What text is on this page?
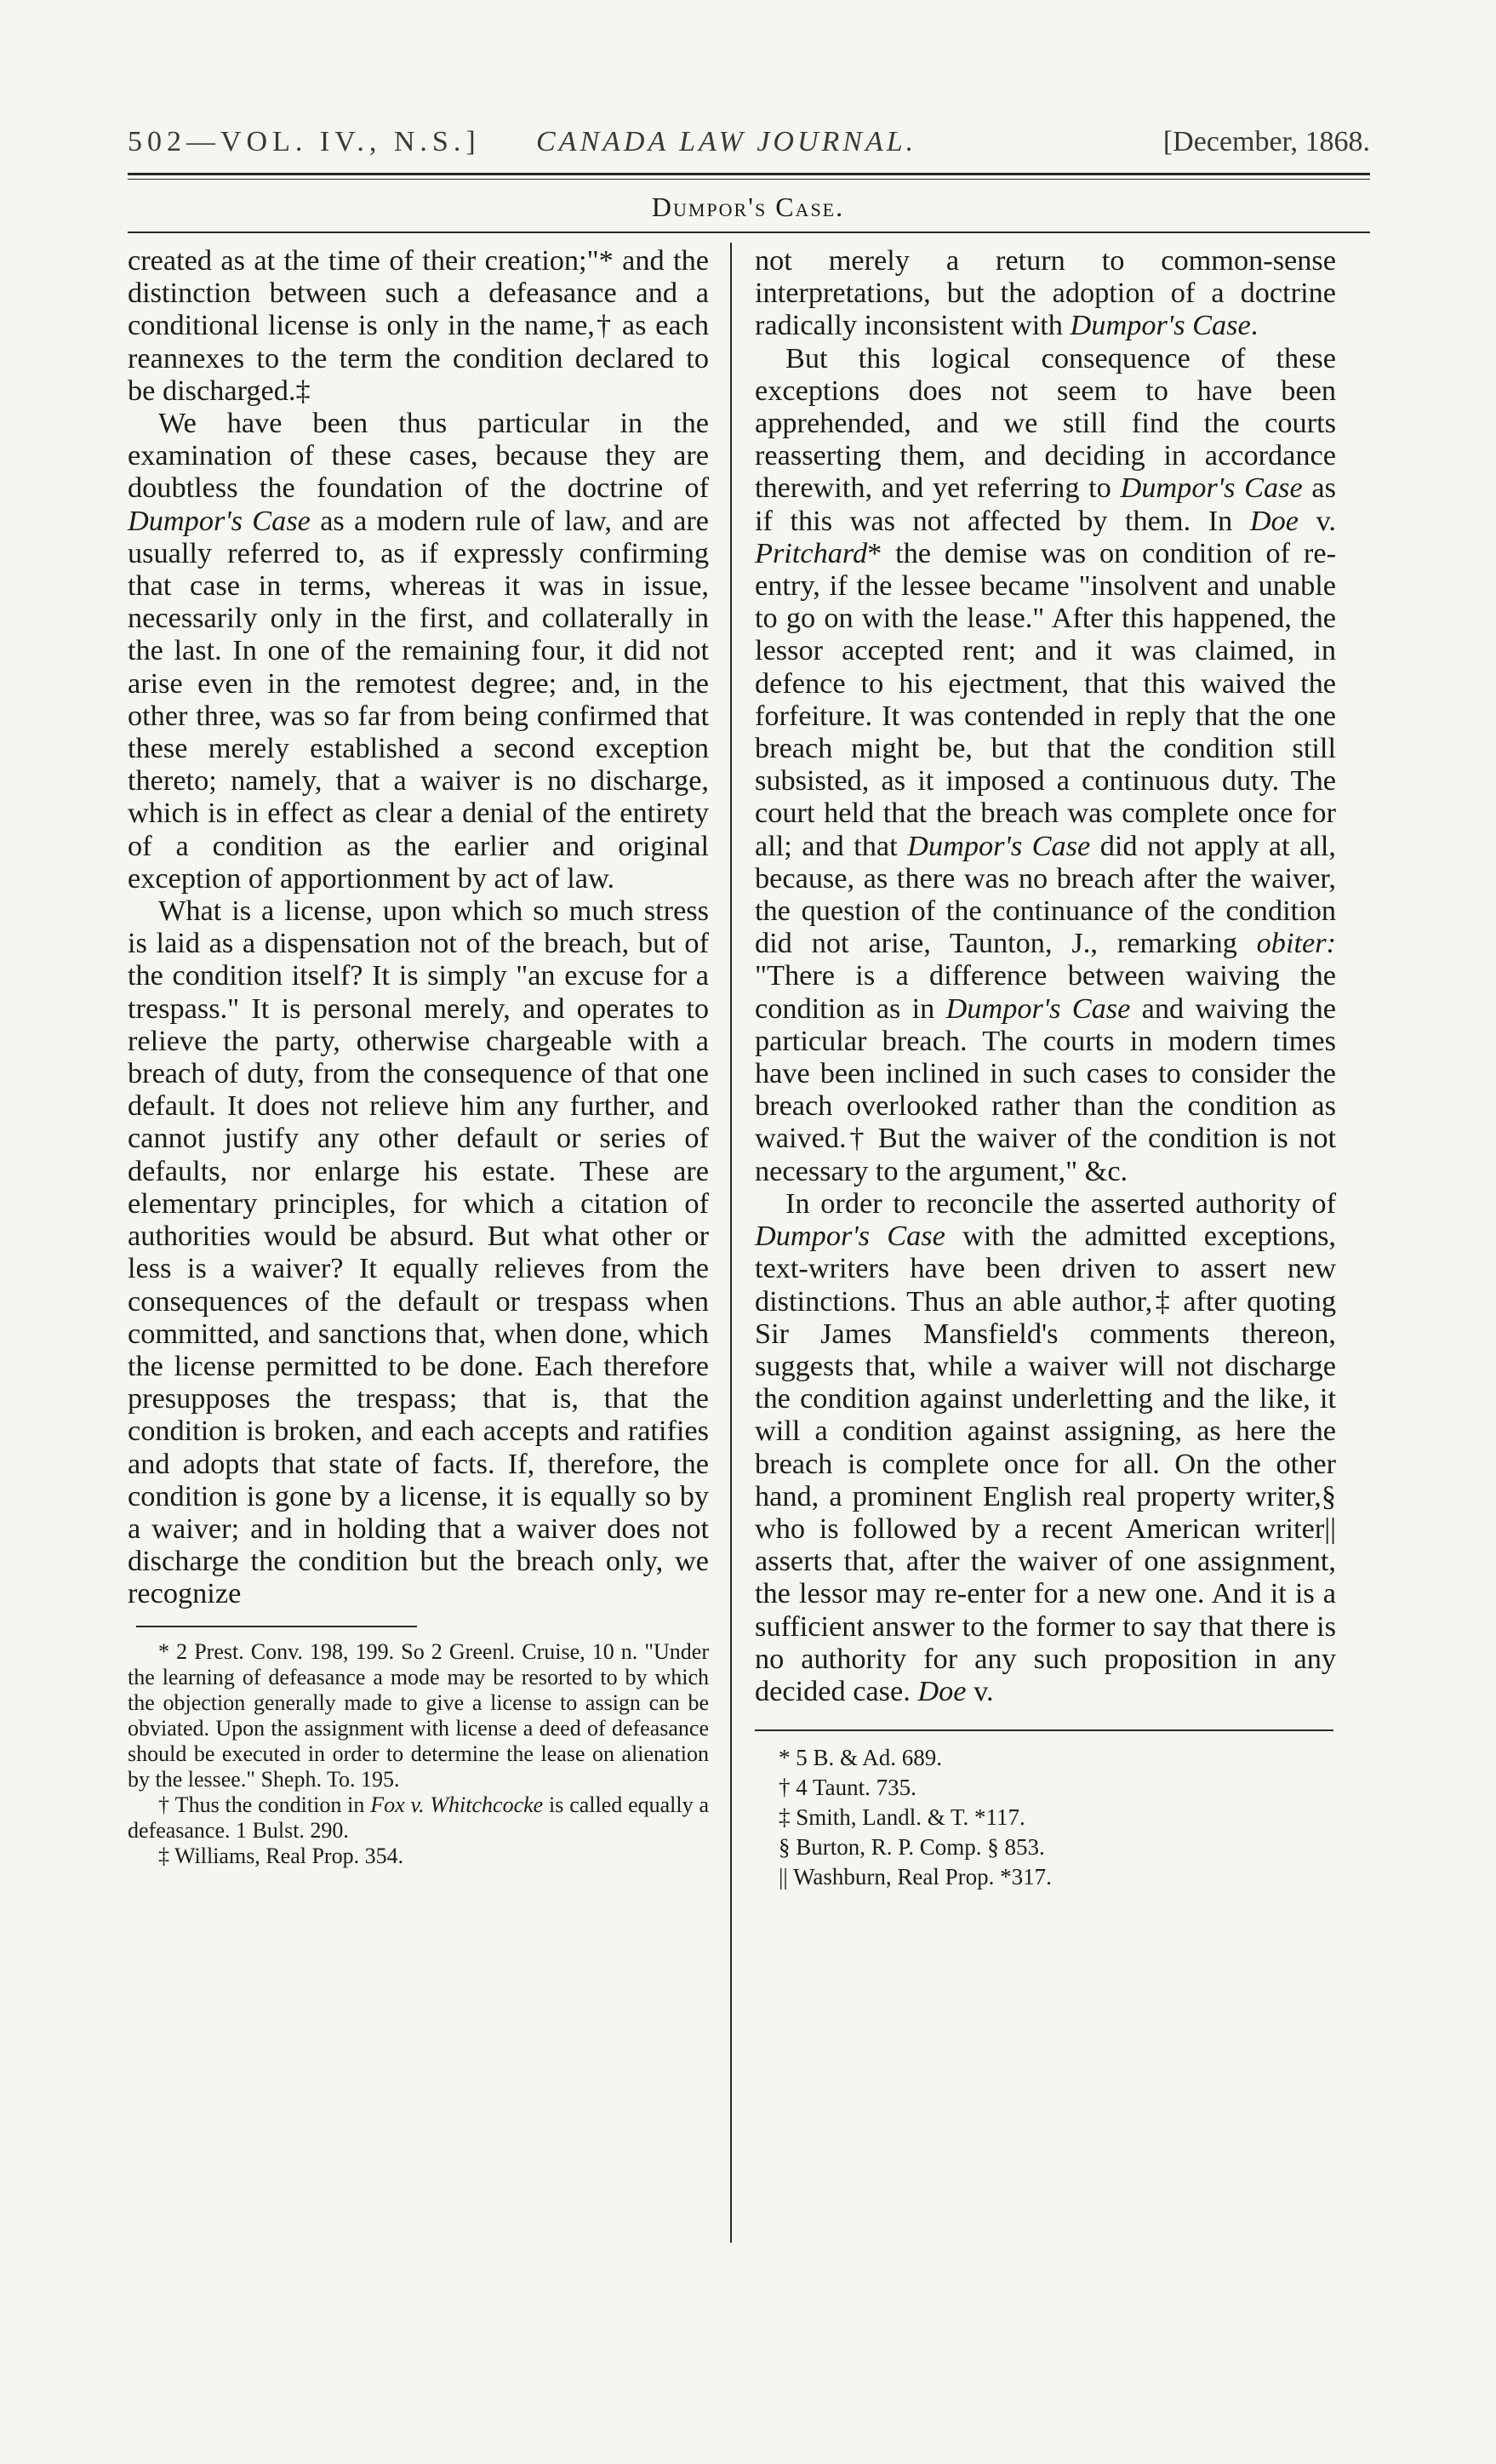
502—VOL. IV., N.S.] CANADA LAW JOURNAL.	[December, 1868.
Dumpor's Case.

created as at the time of their creation;"* and the distinction between such a defeasance and a conditional license is only in the name,† as each reannexes to the term the condition declared to be discharged.‡

We have been thus particular in the examination of these cases, because they are doubtless the foundation of the doctrine of Dumpor's Case as a modern rule of law, and are usually referred to, as if expressly confirming that case in terms, whereas it was in issue, necessarily only in the first, and collaterally in the last. In one of the remaining four, it did not arise even in the remotest degree; and, in the other three, was so far from being confirmed that these merely established a second exception thereto; namely, that a waiver is no discharge, which is in effect as clear a denial of the entirety of a condition as the earlier and original exception of apportionment by act of law.

What is a license, upon which so much stress is laid as a dispensation not of the breach, but of the condition itself? It is simply "an excuse for a trespass." It is personal merely, and operates to relieve the party, otherwise chargeable with a breach of duty, from the consequence of that one default. It does not relieve him any further, and cannot justify any other default or series of defaults, nor enlarge his estate. These are elementary principles, for which a citation of authorities would be absurd. But what other or less is a waiver? It equally relieves from the consequences of the default or trespass when committed, and sanctions that, when done, which the license permitted to be done. Each therefore presupposes the trespass; that is, that the condition is broken, and each accepts and ratifies and adopts that state of facts. If, therefore, the condition is gone by a license, it is equally so by a waiver; and in holding that a waiver does not discharge the condition but the breach only, we recognize

* 2 Prest. Conv. 198, 199. So 2 Greenl. Cruise, 10 n. "Under the learning of defeasance a mode may be resorted to by which the objection generally made to give a license to assign can be obviated. Upon the assignment with license a deed of defeasance should be executed in order to determine the lease on alienation by the lessee." Sheph. To. 195.

† Thus the condition in Fox v. Whitchcocke is called equally a defeasance. 1 Bulst. 290.

‡ Williams, Real Prop. 354.

not merely a return to common-sense interpretations, but the adoption of a doctrine radically inconsistent with Dumpor's Case.

But this logical consequence of these exceptions does not seem to have been apprehended, and we still find the courts reasserting them, and deciding in accordance therewith, and yet referring to Dumpor's Case as if this was not affected by them. In Doe v. Pritchard* the demise was on condition of re-entry, if the lessee became "insolvent and unable to go on with the lease." After this happened, the lessor accepted rent; and it was claimed, in defence to his ejectment, that this waived the forfeiture. It was contended in reply that the one breach might be, but that the condition still subsisted, as it imposed a continuous duty. The court held that the breach was complete once for all; and that Dumpor's Case did not apply at all, because, as there was no breach after the waiver, the question of the continuance of the condition did not arise, Taunton, J., remarking obiter: "There is a difference between waiving the condition as in Dumpor's Case and waiving the particular breach. The courts in modern times have been inclined in such cases to consider the breach overlooked rather than the condition as waived.† But the waiver of the condition is not necessary to the argument," &c.

In order to reconcile the asserted authority of Dumpor's Case with the admitted exceptions, text-writers have been driven to assert new distinctions. Thus an able author,‡ after quoting Sir James Mansfield's comments thereon, suggests that, while a waiver will not discharge the condition against underletting and the like, it will a condition against assigning, as here the breach is complete once for all. On the other hand, a prominent English real property writer,§ who is followed by a recent American writer|| asserts that, after the waiver of one assignment, the lessor may re-enter for a new one. And it is a sufficient answer to the former to say that there is no authority for any such proposition in any decided case. Doe v.

* 5 B. & Ad. 689.

† 4 Taunt. 735.

‡ Smith, Landl. & T. *117.

§ Burton, R. P. Comp. § 853.

|| Washburn, Real Prop. *317.
